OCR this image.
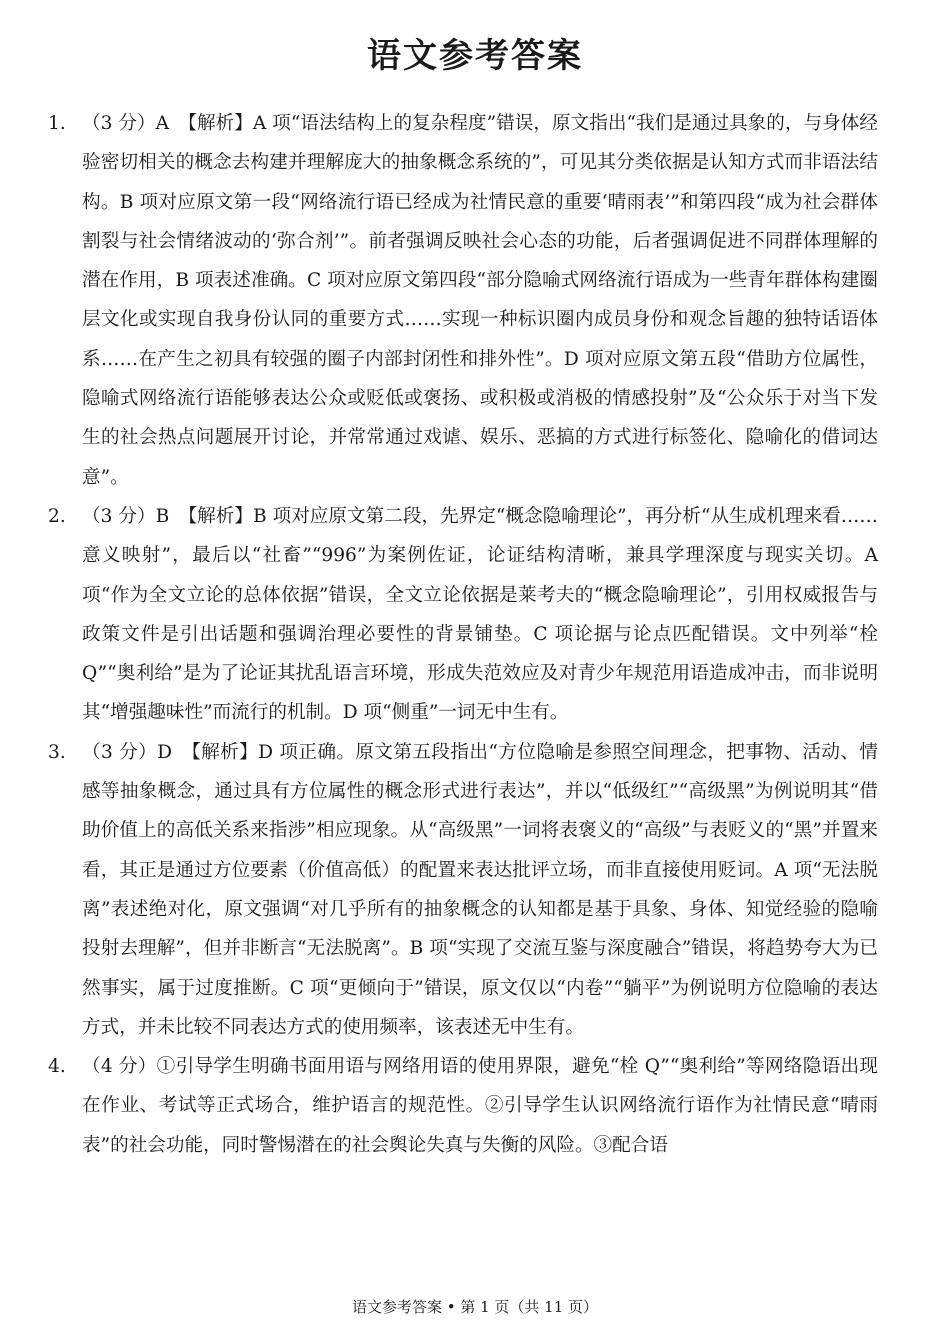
语文参考答案
1. （3 分）A　【解析】A 项“语法结构上的复杂程度”错误，原文指出“我们是通过具象的，与身体经验密切相关的概念去构建并理解庞大的抽象概念系统的”，可见其分类依据是认知方式而非语法结构。B 项对应原文第一段“网络流行语已经成为社情民意的重要‘晴雨表’”和第四段“成为社会群体割裂与社会情绪波动的‘弥合剂’”。前者强调反映社会心态的功能，后者强调促进不同群体理解的潜在作用，B 项表述准确。C 项对应原文第四段“部分隐喻式网络流行语成为一些青年群体构建圈层文化或实现自我身份认同的重要方式……实现一种标识圈内成员身份和观念旨趣的独特话语体系……在产生之初具有较强的圈子内部封闭性和排外性”。D 项对应原文第五段“借助方位属性，隐喻式网络流行语能够表达公众或贬低或褒扬、或积极或消极的情感投射”及“公众乐于对当下发生的社会热点问题展开讨论，并常常通过戏谑、娱乐、恶搞的方式进行标签化、隐喻化的借词达意”。
2. （3 分）B　【解析】B 项对应原文第二段，先界定“概念隐喻理论”，再分析“从生成机理来看……意义映射”，最后以“社畜”“996”为案例佐证，论证结构清晰，兼具学理深度与现实关切。A 项“作为全文立论的总体依据”错误，全文立论依据是莱考夫的“概念隐喻理论”，引用权威报告与政策文件是引出话题和强调治理必要性的背景铺垫。C 项论据与论点匹配错误。文中列举“栓 Q”“奥利给”是为了论证其扰乱语言环境，形成失范效应及对青少年规范用语造成冲击，而非说明其“增强趣味性”而流行的机制。D 项“侧重”一词无中生有。
3. （3 分）D　【解析】D 项正确。原文第五段指出“方位隐喻是参照空间理念，把事物、活动、情感等抽象概念，通过具有方位属性的概念形式进行表达”，并以“低级红”“高级黑”为例说明其“借助价值上的高低关系来指涉”相应现象。从“高级黑”一词将表褒义的“高级”与表贬义的“黑”并置来看，其正是通过方位要素（价值高低）的配置来表达批评立场，而非直接使用贬词。A 项“无法脱离”表述绝对化，原文强调“对几乎所有的抽象概念的认知都是基于具象、身体、知觉经验的隐喻投射去理解”，但并非断言“无法脱离”。B 项“实现了交流互鉴与深度融合”错误，将趋势夸大为已然事实，属于过度推断。C 项“更倾向于”错误，原文仅以“内卷”“躺平”为例说明方位隐喻的表达方式，并未比较不同表达方式的使用频率，该表述无中生有。
4. （4 分）①引导学生明确书面用语与网络用语的使用界限，避免“栓 Q”“奥利给”等网络隐语出现在作业、考试等正式场合，维护语言的规范性。②引导学生认识网络流行语作为社情民意“晴雨表”的社会功能，同时警惕潜在的社会舆论失真与失衡的风险。③配合语
语文参考答案 • 第 1 页（共 11 页）
